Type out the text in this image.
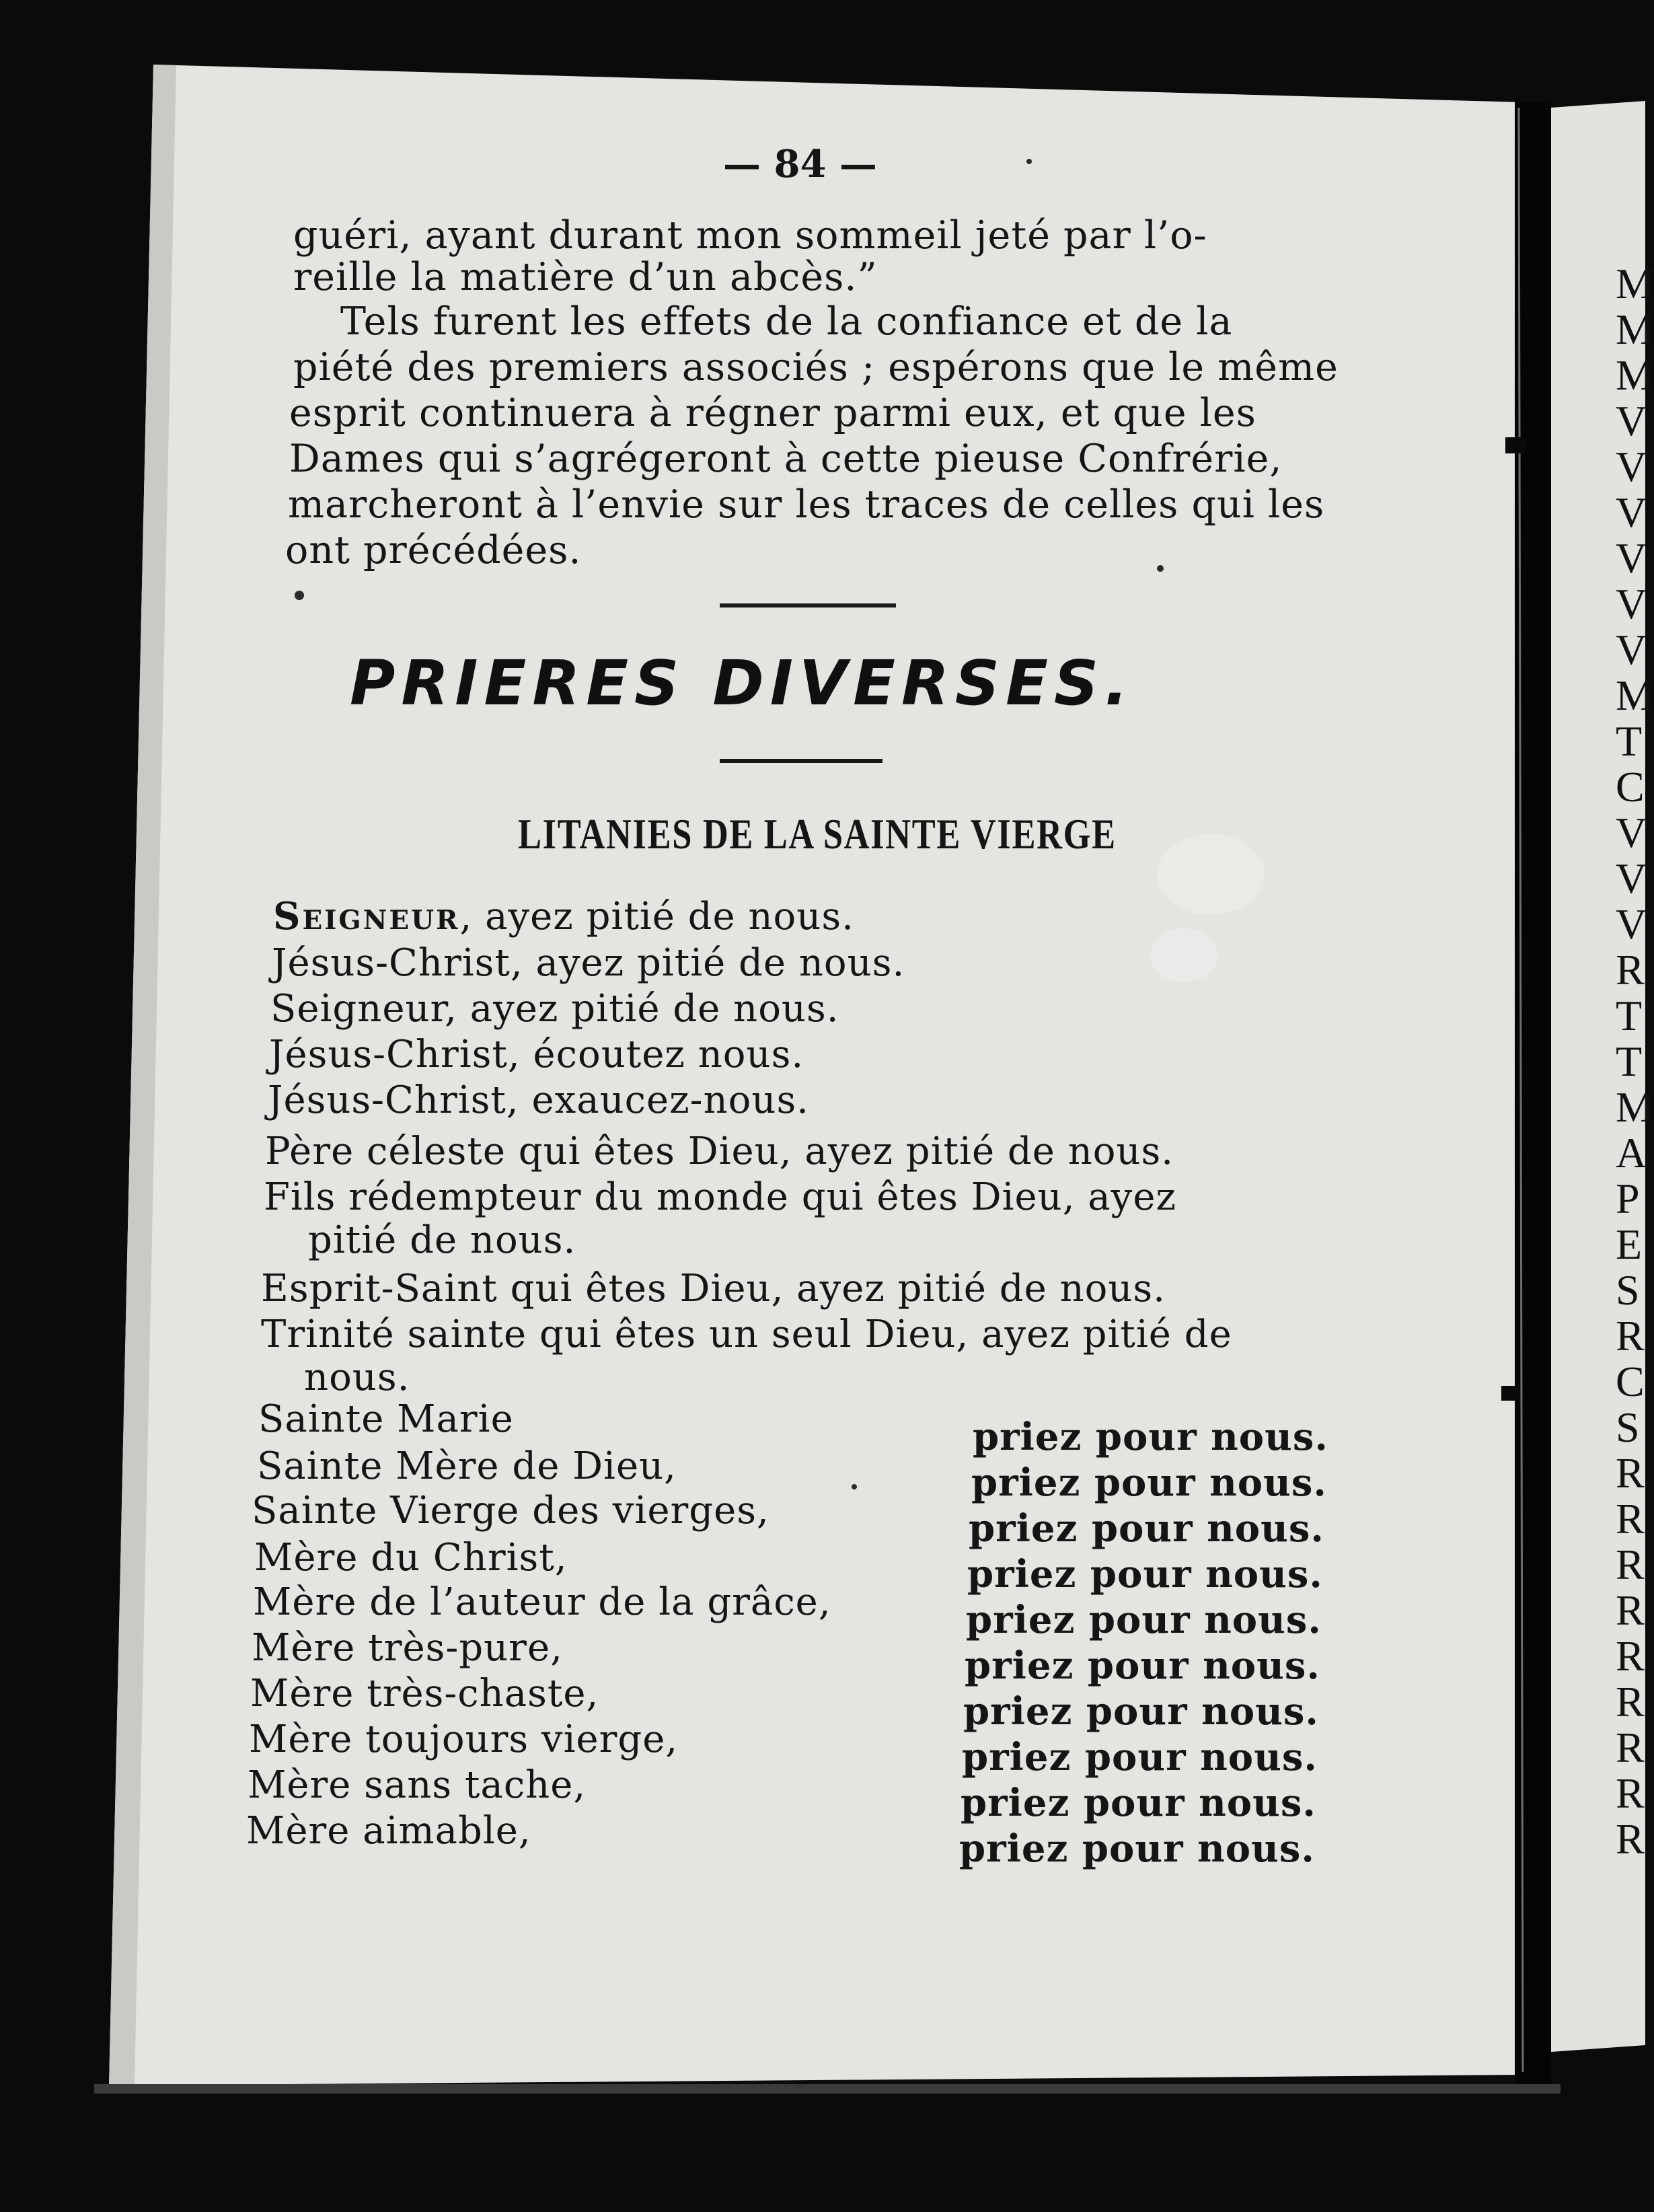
— 84 —
guéri, ayant durant mon sommeil jeté par l’o-
reille la matière d’un abcès.”
Tels furent les effets de la confiance et de la
piété des premiers associés ; espérons que le même
esprit continuera à régner parmi eux, et que les
Dames qui s’agrégeront à cette pieuse Confrérie,
marcheront à l’envie sur les traces de celles qui les
ont précédées.
PRIERES DIVERSES.
LITANIES DE LA SAINTE VIERGE
Seigneur, ayez pitié de nous.
Jésus-Christ, ayez pitié de nous.
Seigneur, ayez pitié de nous.
Jésus-Christ, écoutez nous.
Jésus-Christ, exaucez-nous.
Père céleste qui êtes Dieu, ayez pitié de nous.
Fils rédempteur du monde qui êtes Dieu, ayez
pitié de nous.
Esprit-Saint qui êtes Dieu, ayez pitié de nous.
Trinité sainte qui êtes un seul Dieu, ayez pitié de
nous.
Sainte Marie	priez pour nous.
Sainte Mère de Dieu,	priez pour nous.
Sainte Vierge des vierges,	priez pour nous.
Mère du Christ,	priez pour nous.
Mère de l’auteur de la grâce,	priez pour nous.
Mère très-pure,	priez pour nous.
Mère très-chaste,	priez pour nous.
Mère toujours vierge,	priez pour nous.
Mère sans tache,	priez pour nous.
Mère aimable,	priez pour nous.
M
M
M
V
V
V
V
V
V
M
T
C
V
V
V
R
T
T
M
A
P
E
S
R
C
S
R
R
R
R
R
R
R
R
R
